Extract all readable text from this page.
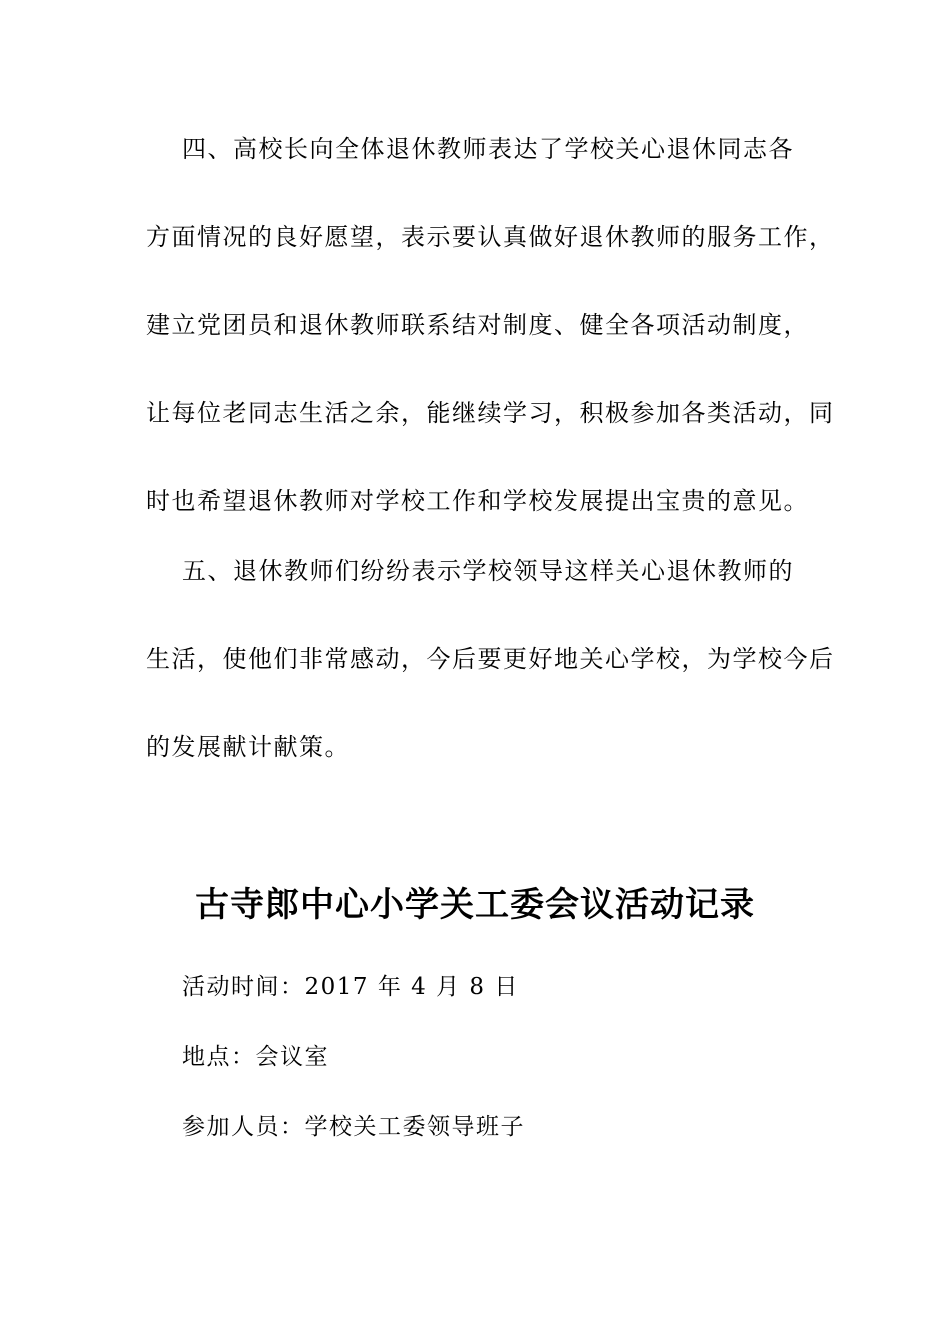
四、高校长向全体退休教师表达了学校关心退休同志各
方面情况的良好愿望，表示要认真做好退休教师的服务工作，
建立党团员和退休教师联系结对制度、健全各项活动制度，
让每位老同志生活之余，能继续学习，积极参加各类活动，同
时也希望退休教师对学校工作和学校发展提出宝贵的意见。
五、退休教师们纷纷表示学校领导这样关心退休教师的
生活，使他们非常感动，今后要更好地关心学校，为学校今后
的发展献计献策。
古寺郎中心小学关工委会议活动记录
活动时间：2017 年 4 月 8 日
地点：会议室
参加人员：学校关工委领导班子
